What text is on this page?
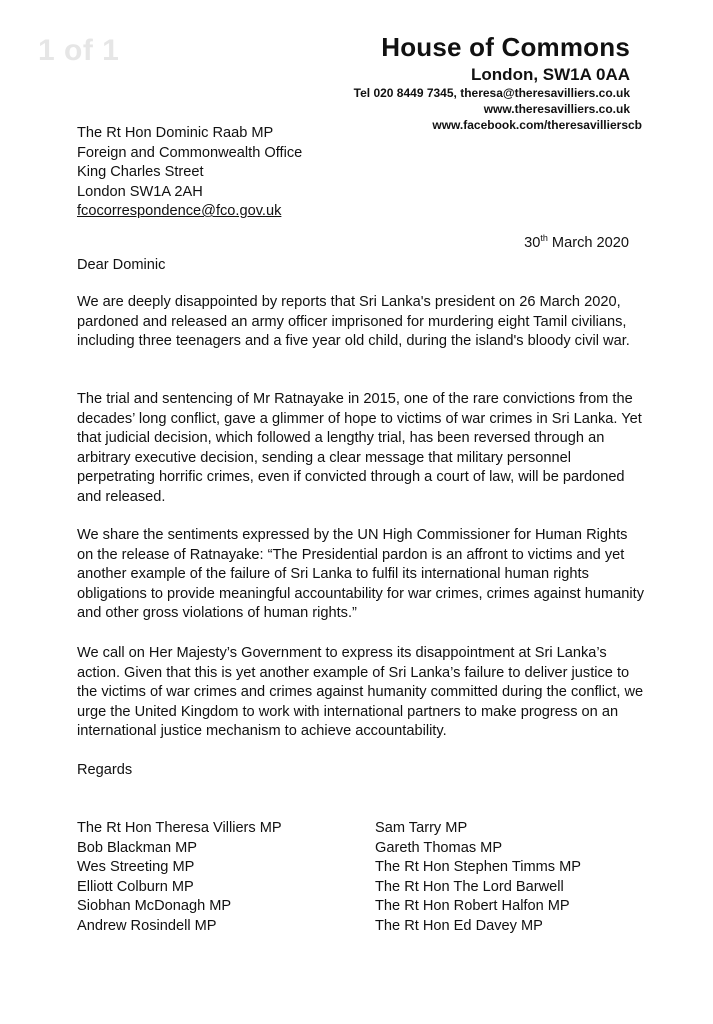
1 of 1	House of Commons
London, SW1A 0AA
Tel 020 8449 7345, theresa@theresavilliers.co.uk
www.theresavilliers.co.uk
www.facebook.com/theresavillierscb
The Rt Hon Dominic Raab MP
Foreign and Commonwealth Office
King Charles Street
London SW1A 2AH
fcocorrespondence@fco.gov.uk
30th March 2020
Dear Dominic

We are deeply disappointed by reports that Sri Lanka's president on 26 March 2020, pardoned and released an army officer imprisoned for murdering eight Tamil civilians, including three teenagers and a five year old child, during the island's bloody civil war.

The trial and sentencing of Mr Ratnayake in 2015, one of the rare convictions from the decades’ long conflict, gave a glimmer of hope to victims of war crimes in Sri Lanka. Yet that judicial decision, which followed a lengthy trial, has been reversed through an arbitrary executive decision, sending a clear message that military personnel perpetrating horrific crimes, even if convicted through a court of law, will be pardoned and released.

We share the sentiments expressed by the UN High Commissioner for Human Rights on the release of Ratnayake: “The Presidential pardon is an affront to victims and yet another example of the failure of Sri Lanka to fulfil its international human rights obligations to provide meaningful accountability for war crimes, crimes against humanity and other gross violations of human rights.”

We call on Her Majesty’s Government to express its disappointment at Sri Lanka’s action. Given that this is yet another example of Sri Lanka’s failure to deliver justice to the victims of war crimes and crimes against humanity committed during the conflict, we urge the United Kingdom to work with international partners to make progress on an international justice mechanism to achieve accountability.

Regards
The Rt Hon Theresa Villiers MP
Bob Blackman MP
Wes Streeting MP
Elliott Colburn MP
Siobhan McDonagh MP
Andrew Rosindell MP
Sam Tarry MP
Gareth Thomas MP
The Rt Hon Stephen Timms MP
The Rt Hon The Lord Barwell
The Rt Hon Robert Halfon MP
The Rt Hon Ed Davey MP
